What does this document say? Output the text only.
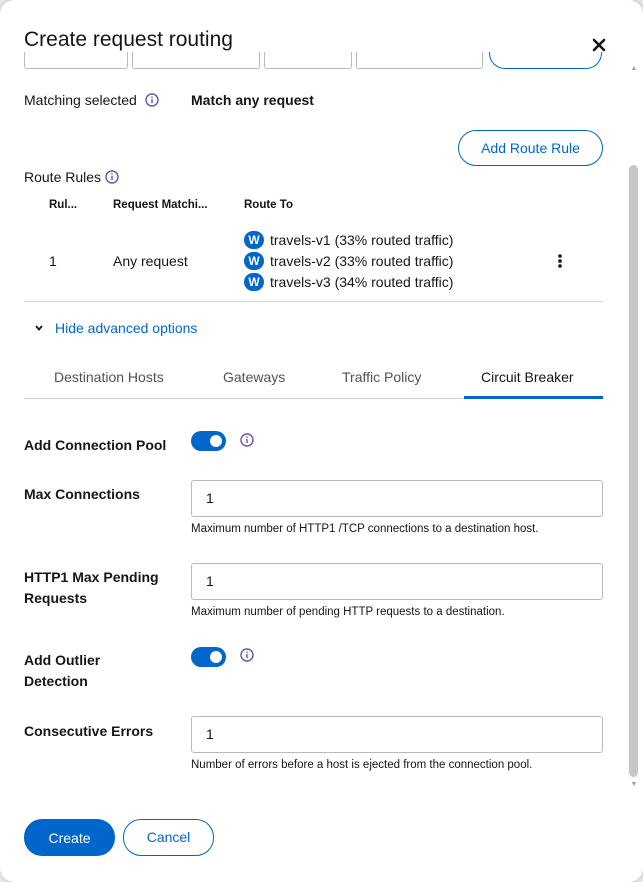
Create request routing
Matching selected	Match any request
Add Route Rule
Route Rules
Rul...	Request Matchi...	Route To
1	Any request
W travels-v1 (33% routed traffic)
W travels-v2 (33% routed traffic)
W travels-v3 (34% routed traffic)
Hide advanced options
Destination Hosts	Gateways	Traffic Policy	Circuit Breaker
Add Connection Pool
Max Connections	1
Maximum number of HTTP1 /TCP connections to a destination host.
HTTP1 Max Pending
Requests
1
Maximum number of pending HTTP requests to a destination.
Add Outlier
Detection
Consecutive Errors	1
Number of errors before a host is ejected from the connection pool.
▲
▼
Create	Cancel
